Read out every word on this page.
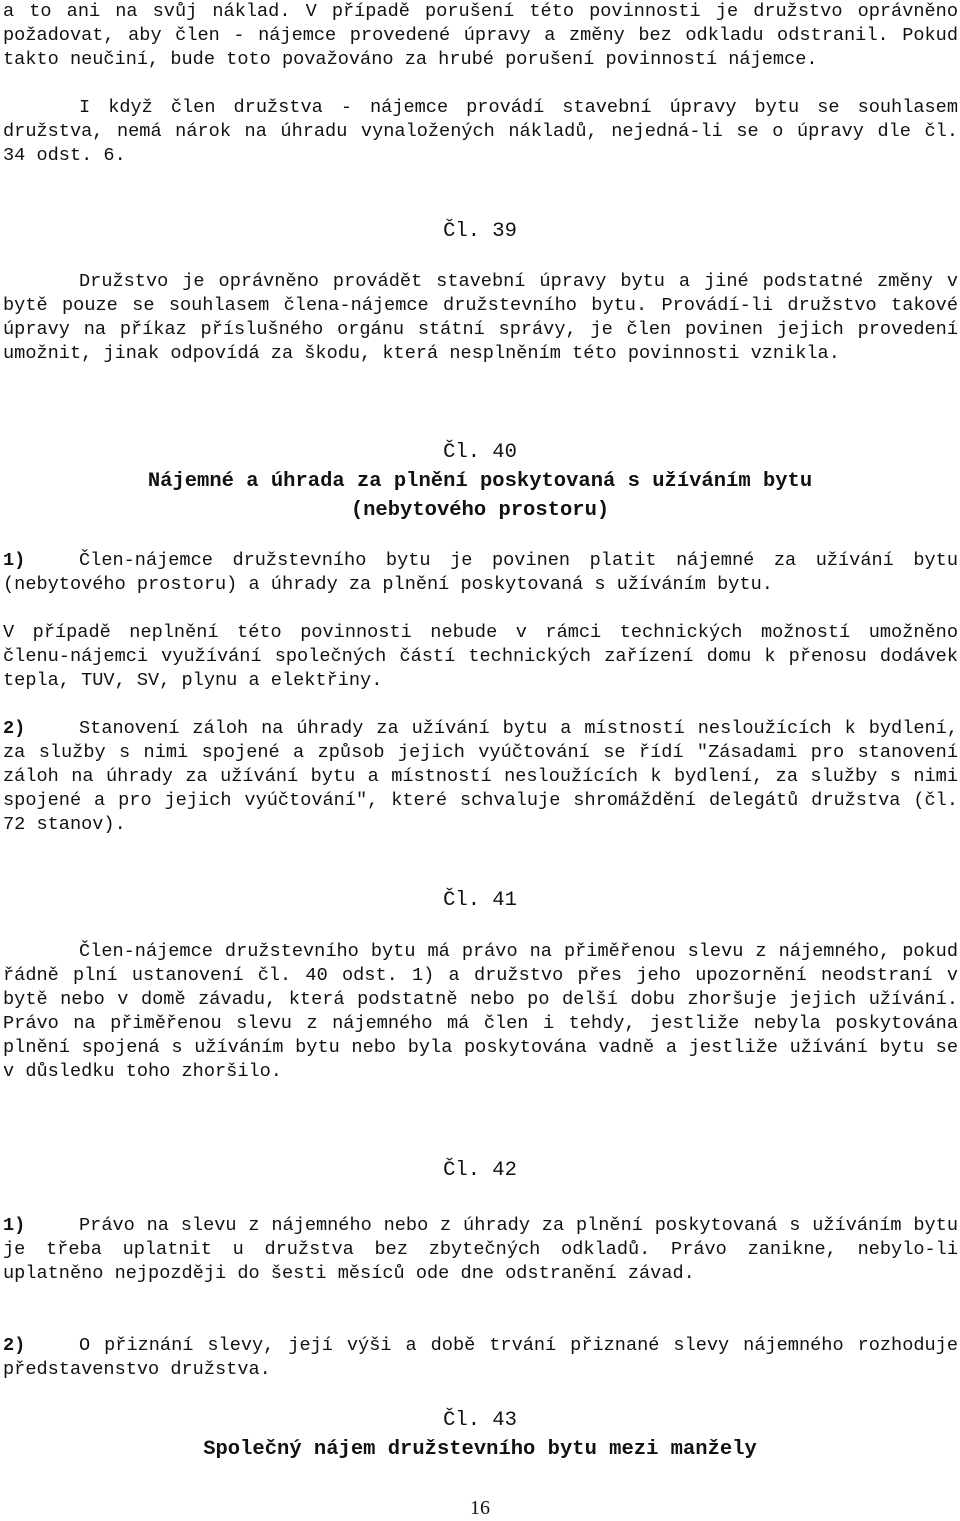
a to ani na svůj náklad. V případě porušení této povinnosti je družstvo oprávněno požadovat, aby člen - nájemce provedené úpravy a změny bez odkladu odstranil. Pokud takto neučiní, bude toto považováno za hrubé porušení povinností nájemce.

I když člen družstva - nájemce provádí stavební úpravy bytu se souhlasem družstva, nemá nárok na úhradu vynaložených nákladů, nejedná-li se o úpravy dle čl. 34 odst. 6.

Čl. 39

Družstvo je oprávněno provádět stavební úpravy bytu a jiné podstatné změny v bytě pouze se souhlasem člena-nájemce družstevního bytu. Provádí-li družstvo takové úpravy na příkaz příslušného orgánu státní správy, je člen povinen jejich provedení umožnit, jinak odpovídá za škodu, která nesplněním této povinnosti vznikla.

Čl. 40

Nájemné a úhrada za plnění poskytovaná s užíváním bytu

(nebytového prostoru)

1)	Člen-nájemce družstevního bytu je povinen platit nájemné za užívání bytu (nebytového prostoru) a úhrady za plnění poskytovaná s užíváním bytu.

V případě neplnění této povinnosti nebude v rámci technických možností umožněno členu-nájemci využívání společných částí technických zařízení domu k přenosu dodávek tepla, TUV, SV, plynu a elektřiny.

2)	Stanovení záloh na úhrady za užívání bytu a místností nesloužících k bydlení, za služby s nimi spojené a způsob jejich vyúčtování se řídí "Zásadami pro stanovení záloh na úhrady za užívání bytu a místností nesloužících k bydlení, za služby s nimi spojené a pro jejich vyúčtování", které schvaluje shromáždění delegátů družstva (čl. 72 stanov).

Čl. 41

Člen-nájemce družstevního bytu má právo na přiměřenou slevu z nájemného, pokud řádně plní ustanovení čl. 40 odst. 1) a družstvo přes jeho upozornění neodstraní v bytě nebo v domě závadu, která podstatně nebo po delší dobu zhoršuje jejich užívání. Právo na přiměřenou slevu z nájemného má člen i tehdy, jestliže nebyla poskytována plnění spojená s užíváním bytu nebo byla poskytována vadně a jestliže užívání bytu se v důsledku toho zhoršilo.

Čl. 42

1)	Právo na slevu z nájemného nebo z úhrady za plnění poskytovaná s užíváním bytu je třeba uplatnit u družstva bez zbytečných odkladů. Právo zanikne, nebylo-li uplatněno nejpozději do šesti měsíců ode dne odstranění závad.

2)	O přiznání slevy, její výši a době trvání přiznané slevy nájemného rozhoduje představenstvo družstva.

Čl. 43

Společný nájem družstevního bytu mezi manžely

16
